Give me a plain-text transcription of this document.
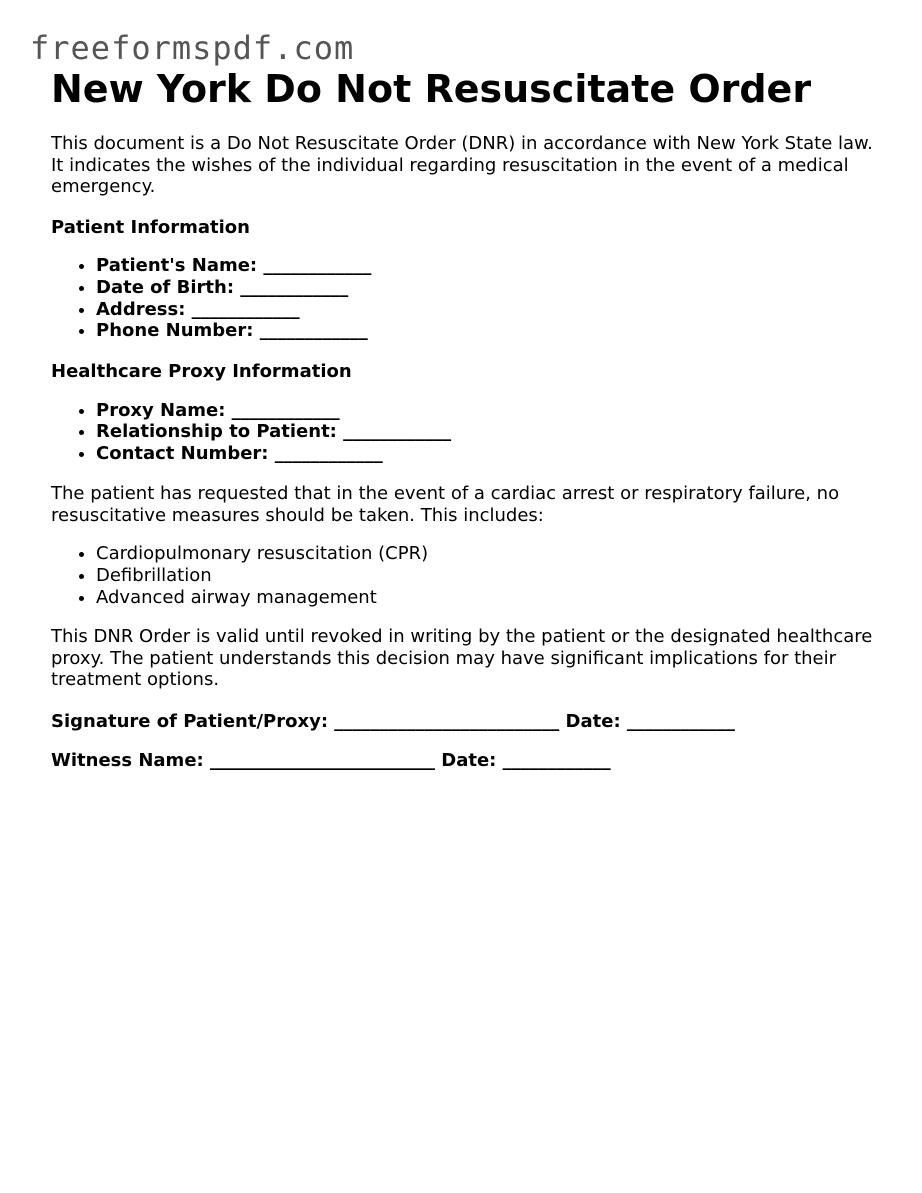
freeformspdf.com
New York Do Not Resuscitate Order

This document is a Do Not Resuscitate Order (DNR) in accordance with New York State law. It indicates the wishes of the individual regarding resuscitation in the event of a medical emergency.

Patient Information

• Patient's Name: ____________
• Date of Birth: ____________
• Address: ____________
• Phone Number: ____________

Healthcare Proxy Information

• Proxy Name: ____________
• Relationship to Patient: ____________
• Contact Number: ____________

The patient has requested that in the event of a cardiac arrest or respiratory failure, no resuscitative measures should be taken. This includes:

• Cardiopulmonary resuscitation (CPR)
• Defibrillation
• Advanced airway management

This DNR Order is valid until revoked in writing by the patient or the designated healthcare proxy. The patient understands this decision may have significant implications for their treatment options.

Signature of Patient/Proxy: _________________________ Date: ____________

Witness Name: _________________________ Date: ____________
